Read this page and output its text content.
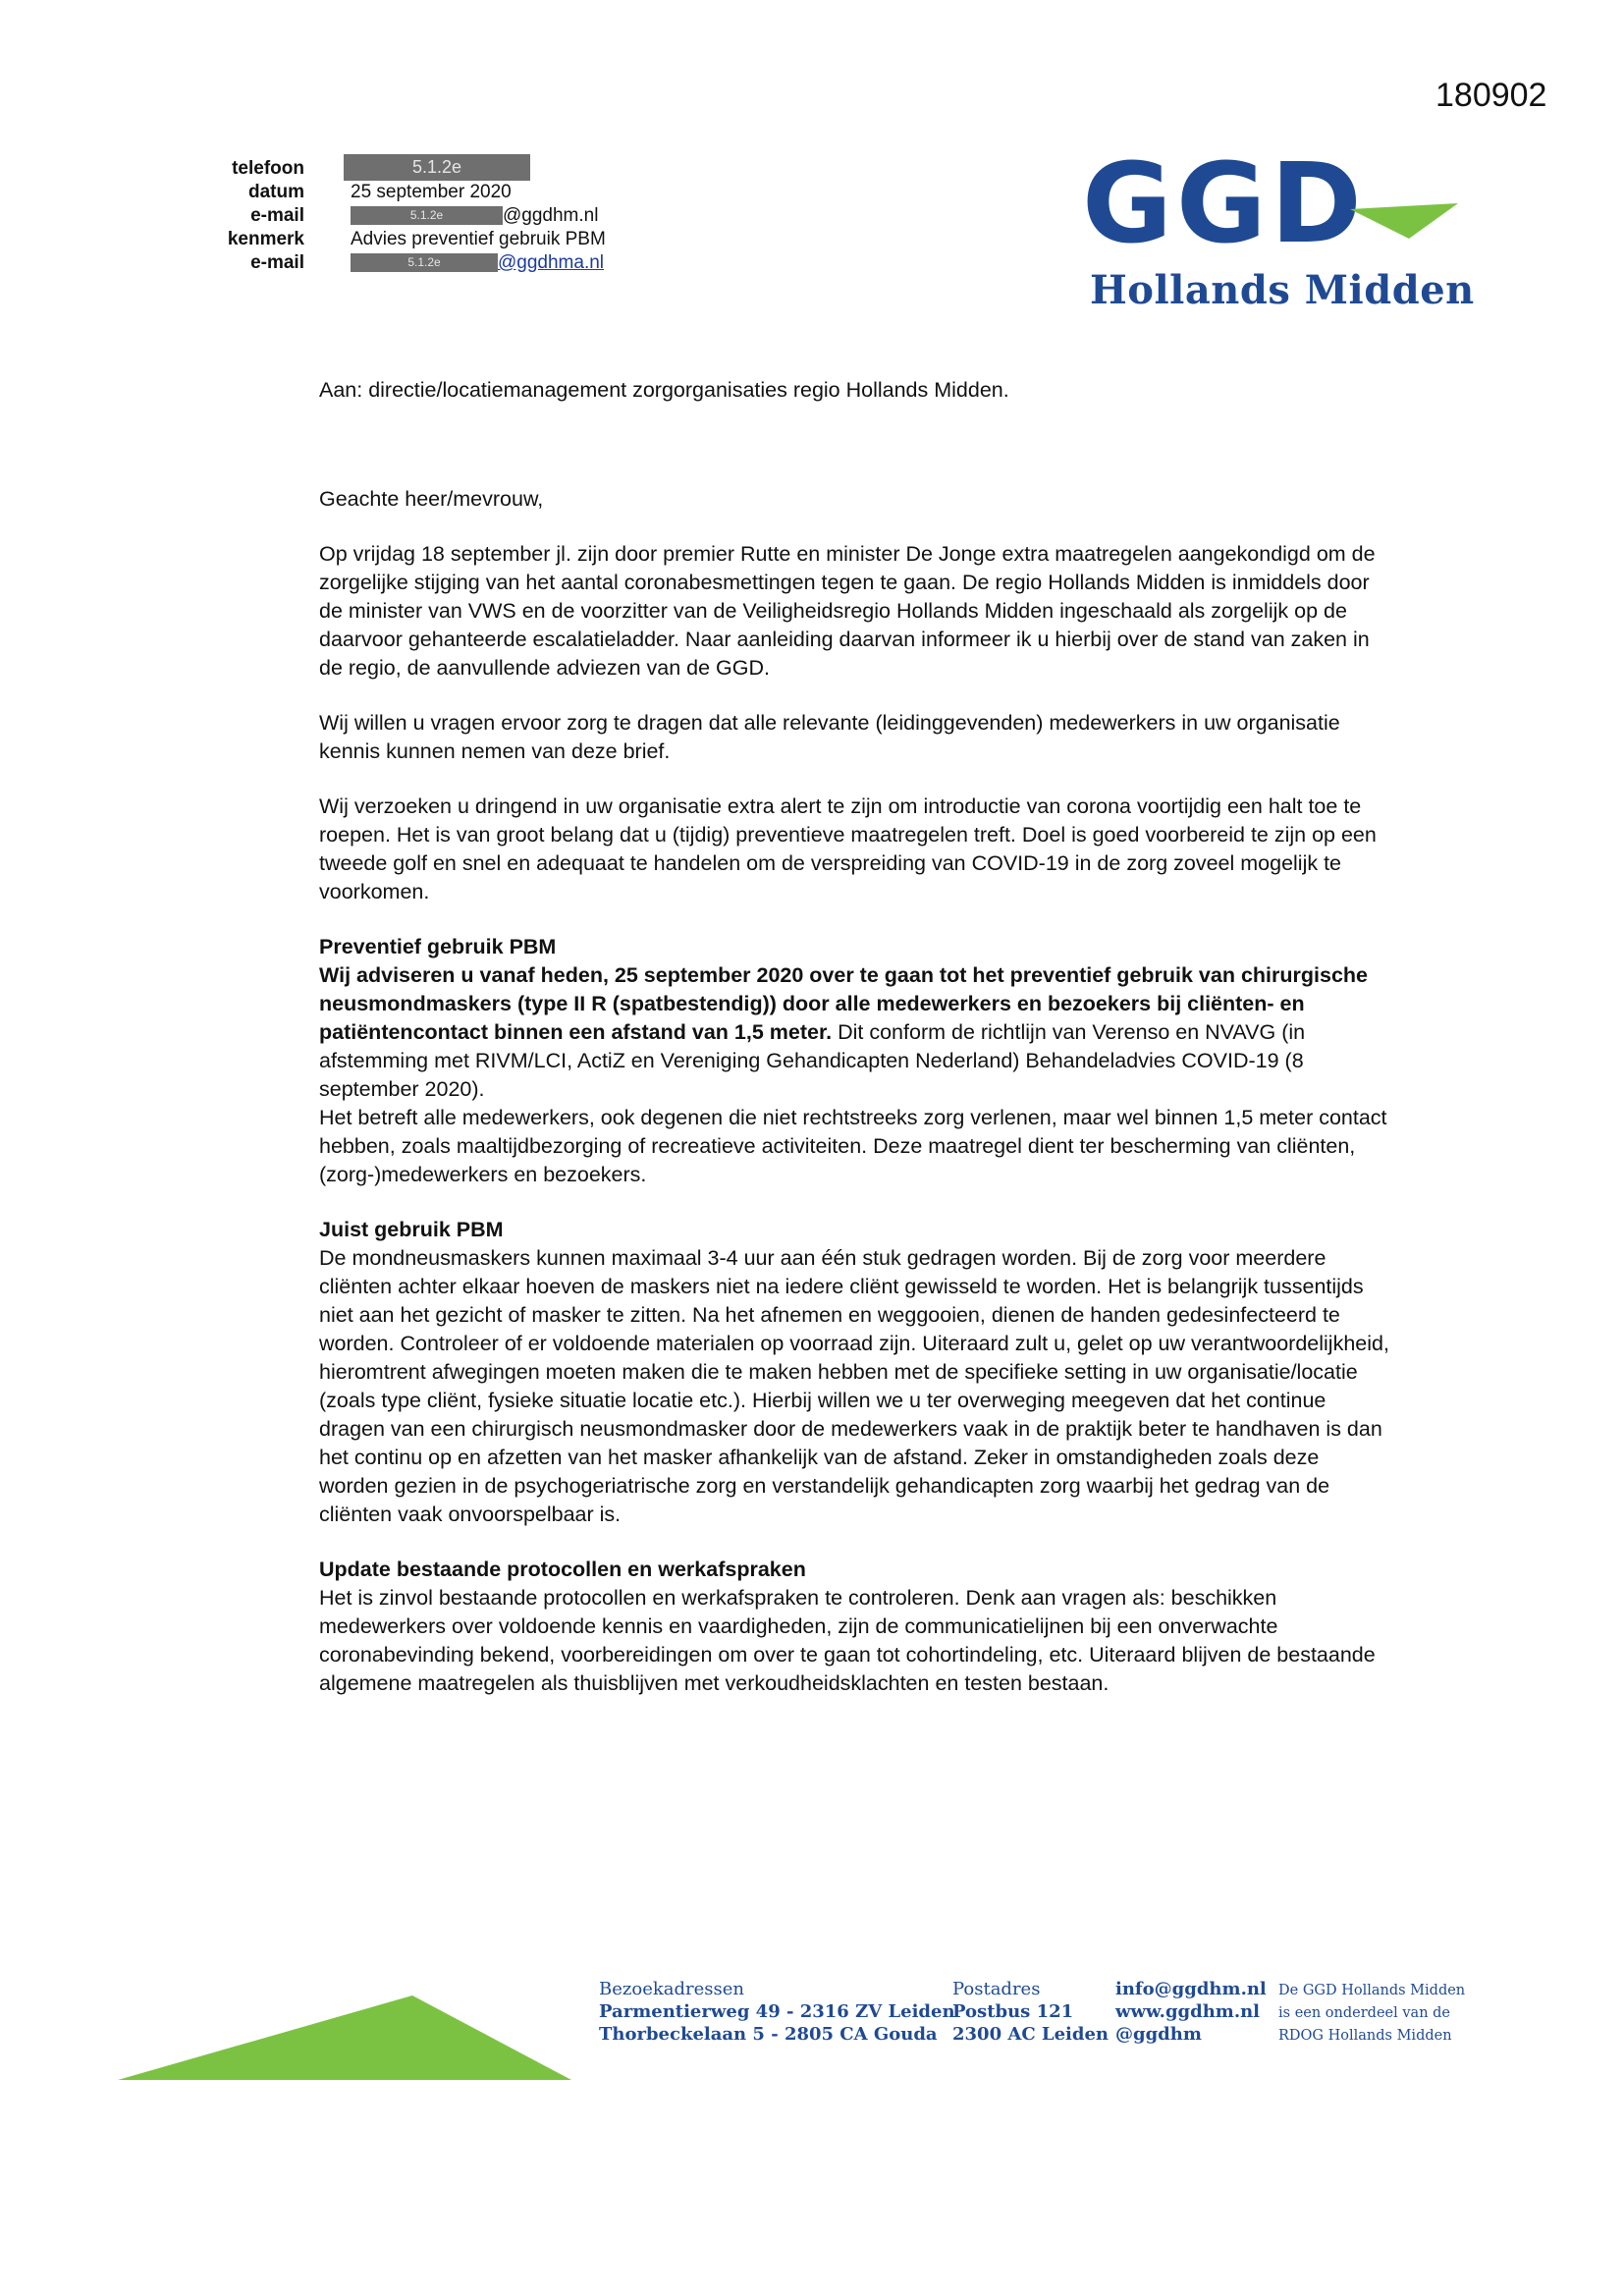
180902
telefoon	5.1.2e
datum 25 september 2020
e-mail	5.1.2e	@ggdhm.nl
kenmerk Advies preventief gebruik PBM
e-mail	5.1.2e	@ggdhma.nl	GGD
Hollands Midden

Aan: directie/locatiemanagement zorgorganisaties regio Hollands Midden.

Geachte heer/mevrouw,

Op vrijdag 18 september jl. zijn door premier Rutte en minister De Jonge extra maatregelen aangekondigd om de zorgelijke stijging van het aantal coronabesmettingen tegen te gaan. De regio Hollands Midden is inmiddels door de minister van VWS en de voorzitter van de Veiligheidsregio Hollands Midden ingeschaald als zorgelijk op de daarvoor gehanteerde escalatieladder. Naar aanleiding daarvan informeer ik u hierbij over de stand van zaken in de regio, de aanvullende adviezen van de GGD.

Wij willen u vragen ervoor zorg te dragen dat alle relevante (leidinggevenden) medewerkers in uw organisatie kennis kunnen nemen van deze brief.

Wij verzoeken u dringend in uw organisatie extra alert te zijn om introductie van corona voortijdig een halt toe te roepen. Het is van groot belang dat u (tijdig) preventieve maatregelen treft. Doel is goed voorbereid te zijn op een tweede golf en snel en adequaat te handelen om de verspreiding van COVID-19 in de zorg zoveel mogelijk te voorkomen.

Preventief gebruik PBM

Wij adviseren u vanaf heden, 25 september 2020 over te gaan tot het preventief gebruik van chirurgische neusmondmaskers (type II R (spatbestendig)) door alle medewerkers en bezoekers bij cliënten- en patiëntencontact binnen een afstand van 1,5 meter. Dit conform de richtlijn van Verenso en NVAVG (in afstemming met RIVM/LCI, ActiZ en Vereniging Gehandicapten Nederland) Behandeladvies COVID-19 (8 september 2020).

Het betreft alle medewerkers, ook degenen die niet rechtstreeks zorg verlenen, maar wel binnen 1,5 meter contact hebben, zoals maaltijdbezorging of recreatieve activiteiten. Deze maatregel dient ter bescherming van cliënten, (zorg-)medewerkers en bezoekers.

Juist gebruik PBM

De mondneusmaskers kunnen maximaal 3-4 uur aan één stuk gedragen worden. Bij de zorg voor meerdere cliënten achter elkaar hoeven de maskers niet na iedere cliënt gewisseld te worden. Het is belangrijk tussentijds niet aan het gezicht of masker te zitten. Na het afnemen en weggooien, dienen de handen gedesinfecteerd te worden. Controleer of er voldoende materialen op voorraad zijn. Uiteraard zult u, gelet op uw verantwoordelijkheid, hieromtrent afwegingen moeten maken die te maken hebben met de specifieke setting in uw organisatie/locatie (zoals type cliënt, fysieke situatie locatie etc.). Hierbij willen we u ter overweging meegeven dat het continue dragen van een chirurgisch neusmondmasker door de medewerkers vaak in de praktijk beter te handhaven is dan het continu op en afzetten van het masker afhankelijk van de afstand. Zeker in omstandigheden zoals deze worden gezien in de psychogeriatrische zorg en verstandelijk gehandicapten zorg waarbij het gedrag van de cliënten vaak onvoorspelbaar is.

Update bestaande protocollen en werkafspraken

Het is zinvol bestaande protocollen en werkafspraken te controleren. Denk aan vragen als: beschikken medewerkers over voldoende kennis en vaardigheden, zijn de communicatielijnen bij een onverwachte coronabevinding bekend, voorbereidingen om over te gaan tot cohortindeling, etc. Uiteraard blijven de bestaande algemene maatregelen als thuisblijven met verkoudheidsklachten en testen bestaan.

Bezoekadressen
Parmentierweg 49 - 2316 ZV Leiden
Thorbeckelaan 5 - 2805 CA Gouda
Postadres
Postbus 121
2300 AC Leiden
info@ggdhm.nl
www.ggdhm.nl
@ggdhm
De GGD Hollands Midden
is een onderdeel van de
RDOG Hollands Midden
